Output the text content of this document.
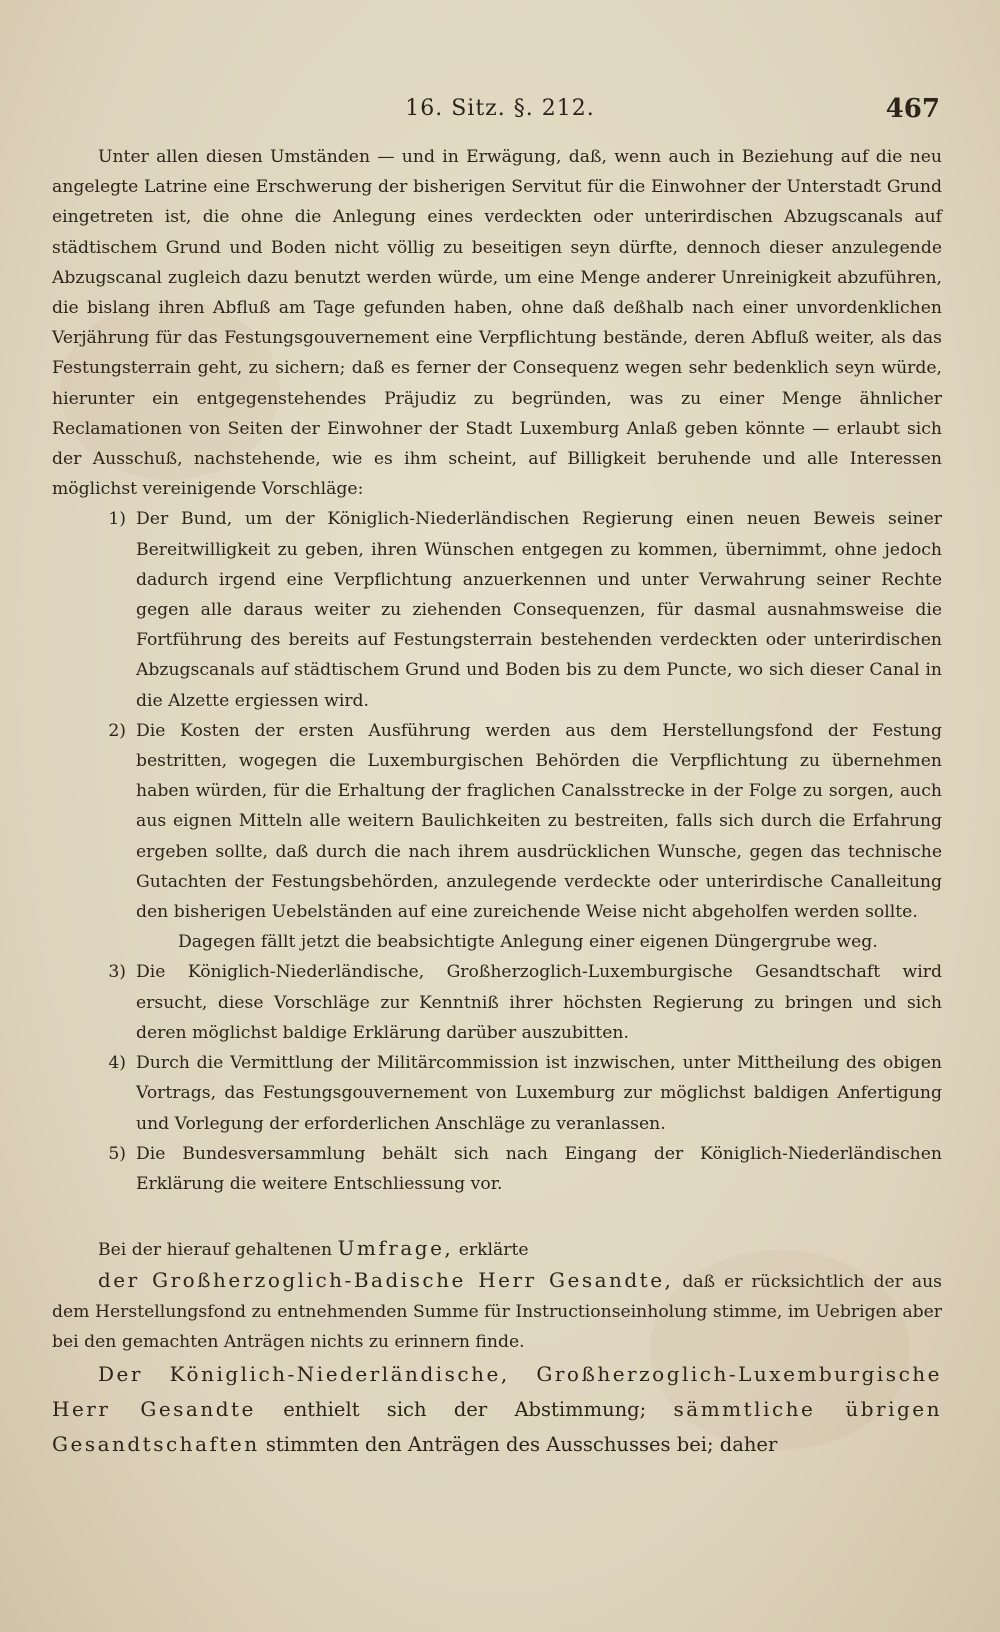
16. Sitz. §. 212.	467

Unter allen diesen Umständen — und in Erwägung, daß, wenn auch in Beziehung auf die neu angelegte Latrine eine Erschwerung der bisherigen Servitut für die Einwohner der Unterstadt Grund eingetreten ist, die ohne die Anlegung eines verdeckten oder unterirdischen Abzugscanals auf städtischem Grund und Boden nicht völlig zu beseitigen seyn dürfte, dennoch dieser anzulegende Abzugscanal zugleich dazu benutzt werden würde, um eine Menge anderer Unreinigkeit abzuführen, die bislang ihren Abfluß am Tage gefunden haben, ohne daß deßhalb nach einer unvordenklichen Verjährung für das Festungsgouvernement eine Verpflichtung bestände, deren Abfluß weiter, als das Festungsterrain geht, zu sichern; daß es ferner der Consequenz wegen sehr bedenklich seyn würde, hierunter ein entgegenstehendes Präjudiz zu begründen, was zu einer Menge ähnlicher Reclamationen von Seiten der Einwohner der Stadt Luxemburg Anlaß geben könnte — erlaubt sich der Ausschuß, nachstehende, wie es ihm scheint, auf Billigkeit beruhende und alle Interessen möglichst vereinigende Vorschläge:

1) Der Bund, um der Königlich-Niederländischen Regierung einen neuen Beweis seiner Bereitwilligkeit zu geben, ihren Wünschen entgegen zu kommen, übernimmt, ohne jedoch dadurch irgend eine Verpflichtung anzuerkennen und unter Verwahrung seiner Rechte gegen alle daraus weiter zu ziehenden Consequenzen, für dasmal ausnahmsweise die Fortführung des bereits auf Festungsterrain bestehenden verdeckten oder unterirdischen Abzugscanals auf städtischem Grund und Boden bis zu dem Puncte, wo sich dieser Canal in die Alzette ergiessen wird.
2) Die Kosten der ersten Ausführung werden aus dem Herstellungsfond der Festung bestritten, wogegen die Luxemburgischen Behörden die Verpflichtung zu übernehmen haben würden, für die Erhaltung der fraglichen Canalsstrecke in der Folge zu sorgen, auch aus eignen Mitteln alle weitern Baulichkeiten zu bestreiten, falls sich durch die Erfahrung ergeben sollte, daß durch die nach ihrem ausdrücklichen Wunsche, gegen das technische Gutachten der Festungsbehörden, anzulegende verdeckte oder unterirdische Canalleitung den bisherigen Uebelständen auf eine zureichende Weise nicht abgeholfen werden sollte.

Dagegen fällt jetzt die beabsichtigte Anlegung einer eigenen Düngergrube weg.

3) Die Königlich-Niederländische, Großherzoglich-Luxemburgische Gesandtschaft wird ersucht, diese Vorschläge zur Kenntniß ihrer höchsten Regierung zu bringen und sich deren möglichst baldige Erklärung darüber auszubitten.
4) Durch die Vermittlung der Militärcommission ist inzwischen, unter Mittheilung des obigen Vortrags, das Festungsgouvernement von Luxemburg zur möglichst baldigen Anfertigung und Vorlegung der erforderlichen Anschläge zu veranlassen.
5) Die Bundesversammlung behält sich nach Eingang der Königlich-Niederländischen Erklärung die weitere Entschliessung vor.

Bei der hierauf gehaltenen Umfrage, erklärte

der Großherzoglich-Badische Herr Gesandte, daß er rücksichtlich der aus dem Herstellungsfond zu entnehmenden Summe für Instructionseinholung stimme, im Uebrigen aber bei den gemachten Anträgen nichts zu erinnern finde.

Der Königlich-Niederländische, Großherzoglich-Luxemburgische Herr Gesandte enthielt sich der Abstimmung; sämmtliche übrigen Gesandtschaften stimmten den Anträgen des Ausschusses bei; daher
